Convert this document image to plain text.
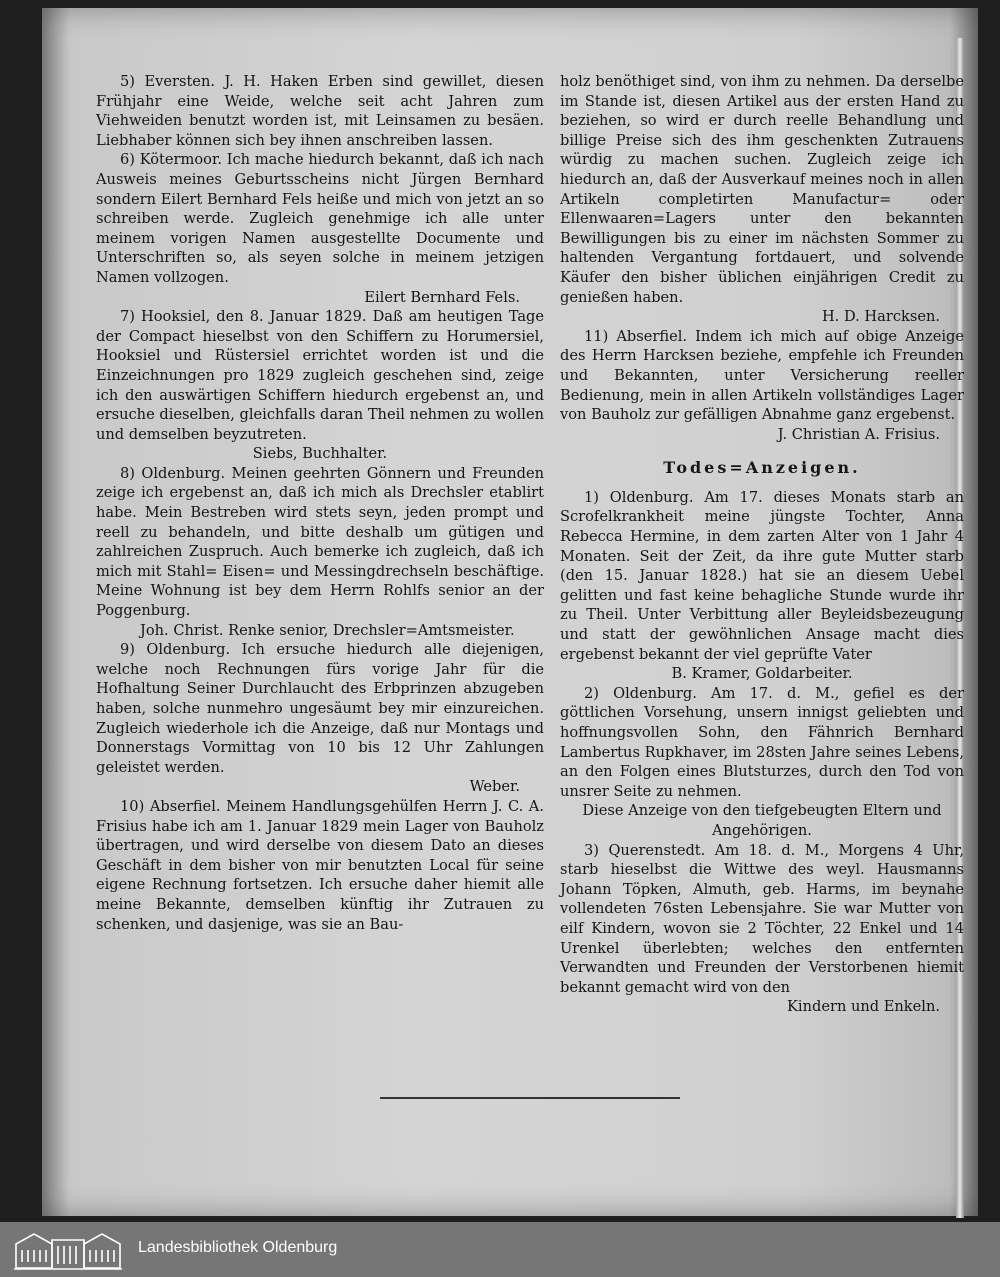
5) Eversten. J. H. Haken Erben sind gewillet, diesen Frühjahr eine Weide, welche seit acht Jahren zum Viehweiden benutzt worden ist, mit Leinsamen zu besäen. Liebhaber können sich bey ihnen anschreiben lassen.

6) Kötermoor. Ich mache hiedurch bekannt, daß ich nach Ausweis meines Geburtsscheins nicht Jürgen Bernhard sondern Eilert Bernhard Fels heiße und mich von jetzt an so schreiben werde. Zugleich genehmige ich alle unter meinem vorigen Namen ausgestellte Documente und Unterschriften so, als seyen solche in meinem jetzigen Namen vollzogen.

Eilert Bernhard Fels.

7) Hooksiel, den 8. Januar 1829. Daß am heutigen Tage der Compact hieselbst von den Schiffern zu Horumersiel, Hooksiel und Rüstersiel errichtet worden ist und die Einzeichnungen pro 1829 zugleich geschehen sind, zeige ich den auswärtigen Schiffern hiedurch ergebenst an, und ersuche dieselben, gleichfalls daran Theil nehmen zu wollen und demselben beyzutreten.

Siebs, Buchhalter.

8) Oldenburg. Meinen geehrten Gönnern und Freunden zeige ich ergebenst an, daß ich mich als Drechsler etablirt habe. Mein Bestreben wird stets seyn, jeden prompt und reell zu behandeln, und bitte deshalb um gütigen und zahlreichen Zuspruch. Auch bemerke ich zugleich, daß ich mich mit Stahl= Eisen= und Messingdrechseln beschäftige. Meine Wohnung ist bey dem Herrn Rohlfs senior an der Poggenburg.

Joh. Christ. Renke senior, Drechsler=Amtsmeister.

9) Oldenburg. Ich ersuche hiedurch alle diejenigen, welche noch Rechnungen fürs vorige Jahr für die Hofhaltung Seiner Durchlaucht des Erbprinzen abzugeben haben, solche nunmehro ungesäumt bey mir einzureichen. Zugleich wiederhole ich die Anzeige, daß nur Montags und Donnerstags Vormittag von 10 bis 12 Uhr Zahlungen geleistet werden.

Weber.

10) Abserfiel. Meinem Handlungsgehülfen Herrn J. C. A. Frisius habe ich am 1. Januar 1829 mein Lager von Bauholz übertragen, und wird derselbe von diesem Dato an dieses Geschäft in dem bisher von mir benutzten Local für seine eigene Rechnung fortsetzen. Ich ersuche daher hiemit alle meine Bekannte, demselben künftig ihr Zutrauen zu schenken, und dasjenige, was sie an Bau-

holz benöthiget sind, von ihm zu nehmen. Da derselbe im Stande ist, diesen Artikel aus der ersten Hand zu beziehen, so wird er durch reelle Behandlung und billige Preise sich des ihm geschenkten Zutrauens würdig zu machen suchen. Zugleich zeige ich hiedurch an, daß der Ausverkauf meines noch in allen Artikeln completirten Manufactur= oder Ellenwaaren=Lagers unter den bekannten Bewilligungen bis zu einer im nächsten Sommer zu haltenden Vergantung fortdauert, und solvende Käufer den bisher üblichen einjährigen Credit zu genießen haben.

H. D. Harcksen.

11) Abserfiel. Indem ich mich auf obige Anzeige des Herrn Harcksen beziehe, empfehle ich Freunden und Bekannten, unter Versicherung reeller Bedienung, mein in allen Artikeln vollständiges Lager von Bauholz zur gefälligen Abnahme ganz ergebenst.

J. Christian A. Frisius.

Todes=Anzeigen.

1) Oldenburg. Am 17. dieses Monats starb an Scrofelkrankheit meine jüngste Tochter, Anna Rebecca Hermine, in dem zarten Alter von 1 Jahr 4 Monaten. Seit der Zeit, da ihre gute Mutter starb (den 15. Januar 1828.) hat sie an diesem Uebel gelitten und fast keine behagliche Stunde wurde ihr zu Theil. Unter Verbittung aller Beyleidsbezeugung und statt der gewöhnlichen Ansage macht dies ergebenst bekannt der viel geprüfte Vater

B. Kramer, Goldarbeiter.

2) Oldenburg. Am 17. d. M., gefiel es der göttlichen Vorsehung, unsern innigst geliebten und hoffnungsvollen Sohn, den Fähnrich Bernhard Lambertus Rupkhaver, im 28sten Jahre seines Lebens, an den Folgen eines Blutsturzes, durch den Tod von unsrer Seite zu nehmen.

Diese Anzeige von den tiefgebeugten Eltern und Angehörigen.

3) Querenstedt. Am 18. d. M., Morgens 4 Uhr, starb hieselbst die Wittwe des weyl. Hausmanns Johann Töpken, Almuth, geb. Harms, im beynahe vollendeten 76sten Lebensjahre. Sie war Mutter von eilf Kindern, wovon sie 2 Töchter, 22 Enkel und 14 Urenkel überlebten; welches den entfernten Verwandten und Freunden der Verstorbenen hiemit bekannt gemacht wird von den

Kindern und Enkeln.

Landesbibliothek Oldenburg
